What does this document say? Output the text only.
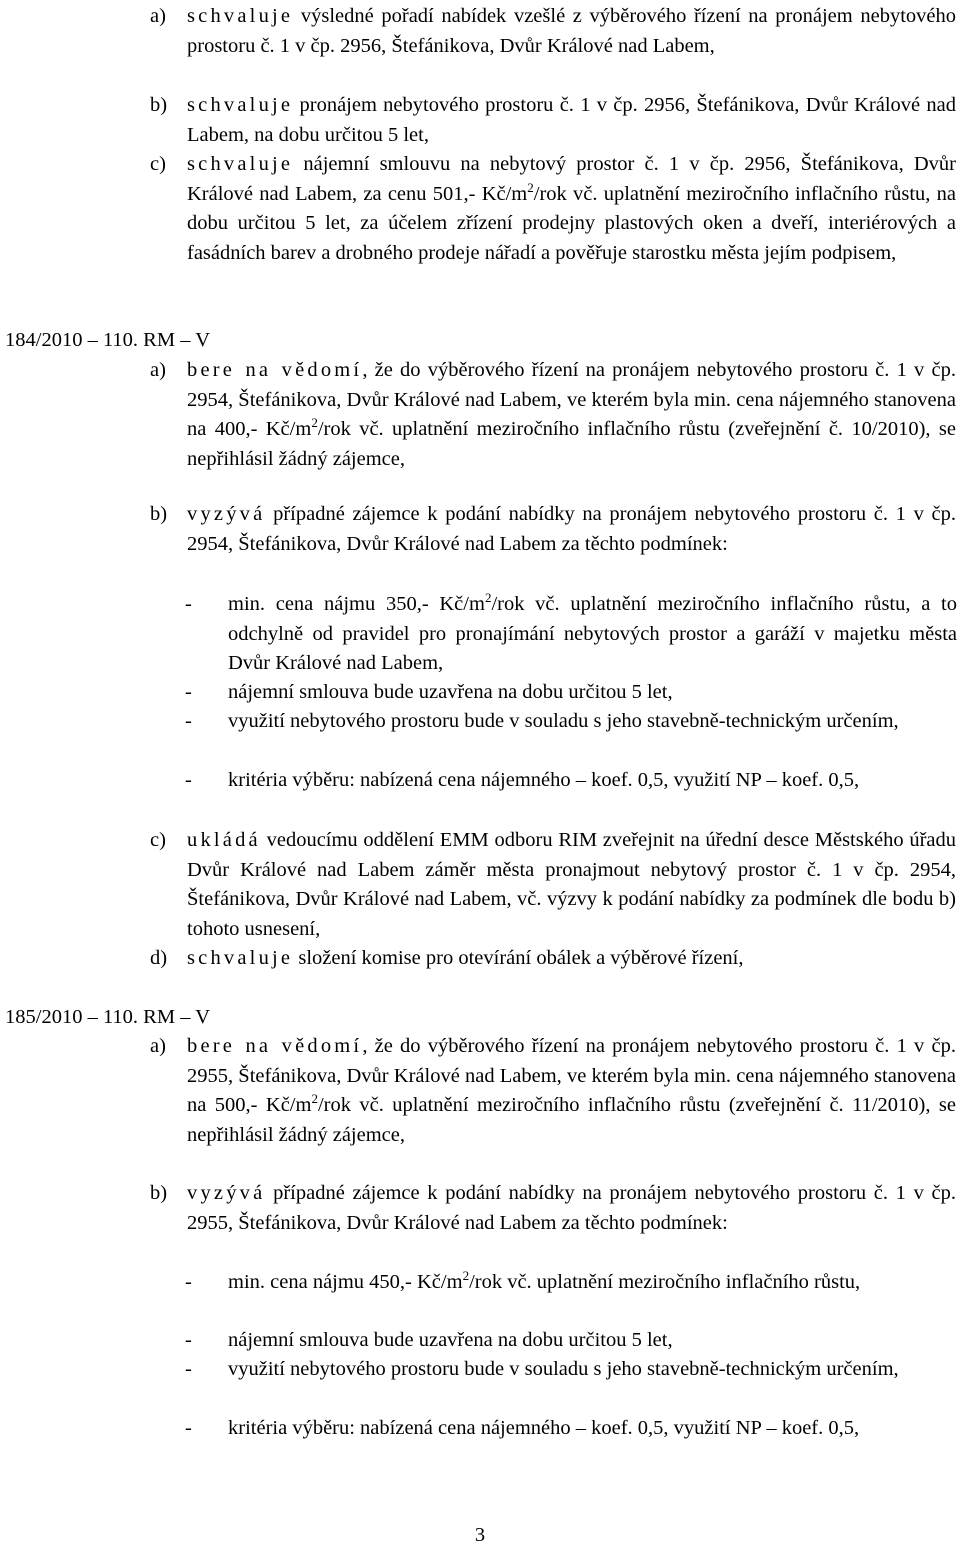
a) schvaluje výsledné pořadí nabídek vzešlé z výběrového řízení na pronájem nebytového prostoru č. 1 v čp. 2956, Štefánikova, Dvůr Králové nad Labem,
b) schvaluje pronájem nebytového prostoru č. 1 v čp. 2956, Štefánikova, Dvůr Králové nad Labem, na dobu určitou 5 let,
c) schvaluje nájemní smlouvu na nebytový prostor č. 1 v čp. 2956, Štefánikova, Dvůr Králové nad Labem, za cenu 501,- $Kč/m^2$/rok vč. uplatnění meziročního inflačního růstu, na dobu určitou 5 let, za účelem zřízení prodejny plastových oken a dveří, interiérových a fasádních barev a drobného prodeje nářadí a pověřuje starostku města jejím podpisem,
184/2010 – 110. RM – V
a) bere na vědomí, že do výběrového řízení na pronájem nebytového prostoru č. 1 v čp. 2954, Štefánikova, Dvůr Králové nad Labem, ve kterém byla min. cena nájemného stanovena na 400,- $Kč/m^2$/rok vč. uplatnění meziročního inflačního růstu (zveřejnění č. 10/2010), se nepřihlásil žádný zájemce,
b) vyzývá případné zájemce k podání nabídky na pronájem nebytového prostoru č. 1 v čp. 2954, Štefánikova, Dvůr Králové nad Labem za těchto podmínek:
- min. cena nájmu 350,- $Kč/m^2$/rok vč. uplatnění meziročního inflačního růstu, a to odchylně od pravidel pro pronajímání nebytových prostor a garáží v majetku města Dvůr Králové nad Labem,
- nájemní smlouva bude uzavřena na dobu určitou 5 let,
- využití nebytového prostoru bude v souladu s jeho stavebně-technickým určením,
- kritéria výběru: nabízená cena nájemného – koef. 0,5, využití NP – koef. 0,5,
c) ukládá vedoucímu oddělení EMM odboru RIM zveřejnit na úřední desce Městského úřadu Dvůr Králové nad Labem záměr města pronajmout nebytový prostor č. 1 v čp. 2954, Štefánikova, Dvůr Králové nad Labem, vč. výzvy k podání nabídky za podmínek dle bodu b) tohoto usnesení,
d) schvaluje složení komise pro otevírání obálek a výběrové řízení,
185/2010 – 110. RM – V
a) bere na vědomí, že do výběrového řízení na pronájem nebytového prostoru č. 1 v čp. 2955, Štefánikova, Dvůr Králové nad Labem, ve kterém byla min. cena nájemného stanovena na 500,- $Kč/m^2$/rok vč. uplatnění meziročního inflačního růstu (zveřejnění č. 11/2010), se nepřihlásil žádný zájemce,
b) vyzývá případné zájemce k podání nabídky na pronájem nebytového prostoru č. 1 v čp. 2955, Štefánikova, Dvůr Králové nad Labem za těchto podmínek:
- min. cena nájmu 450,- $Kč/m^2$/rok vč. uplatnění meziročního inflačního růstu,
- nájemní smlouva bude uzavřena na dobu určitou 5 let,
- využití nebytového prostoru bude v souladu s jeho stavebně-technickým určením,
- kritéria výběru: nabízená cena nájemného – koef. 0,5, využití NP – koef. 0,5,
3
